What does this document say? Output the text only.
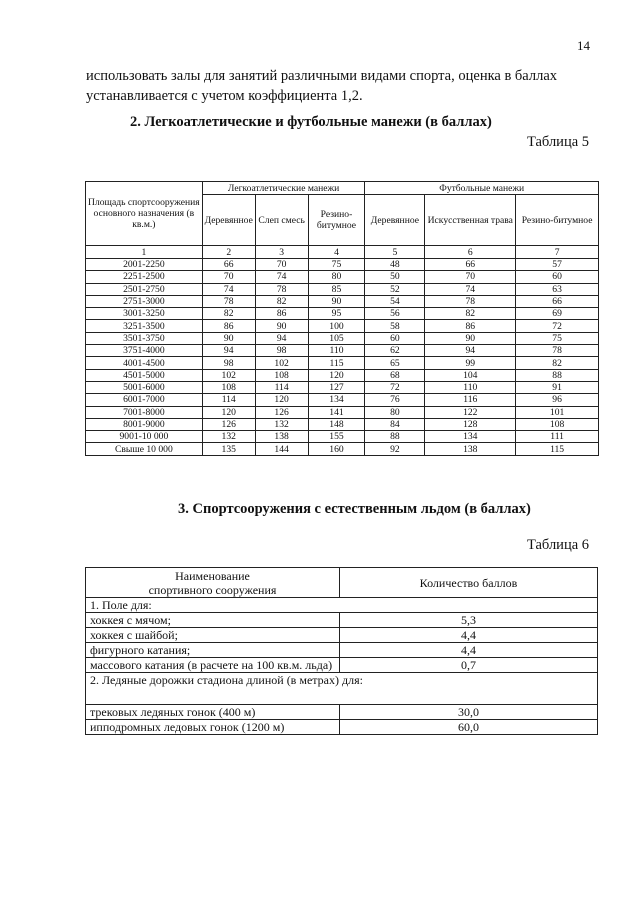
14
использовать залы для занятий различными видами спорта, оценка в баллах
устанавливается с учетом коэффициента 1,2.
2. Легкоатлетические и футбольные манежи (в баллах)
Таблица 5
Площадь спортсооружения основного назначения (в кв.м.)	Легкоатлетические манежи			Футбольные манежи		
	Деревянное	Слеп смесь	Резино-битумное	Деревянное	Искусственная трава	Резино-битумное
1	2	3	4	5	6	7
2001-2250	66	70	75	48	66	57
2251-2500	70	74	80	50	70	60
2501-2750	74	78	85	52	74	63
2751-3000	78	82	90	54	78	66
3001-3250	82	86	95	56	82	69
3251-3500	86	90	100	58	86	72
3501-3750	90	94	105	60	90	75
3751-4000	94	98	110	62	94	78
4001-4500	98	102	115	65	99	82
4501-5000	102	108	120	68	104	88
5001-6000	108	114	127	72	110	91
6001-7000	114	120	134	76	116	96
7001-8000	120	126	141	80	122	101
8001-9000	126	132	148	84	128	108
9001-10 000	132	138	155	88	134	111
Свыше 10 000	135	144	160	92	138	115
3. Спортсооружения с естественным льдом (в баллах)
Таблица 6
Наименование
спортивного сооружения	Количество баллов
1. Поле для:	
хоккея с мячом;	5,3
хоккея с шайбой;	4,4
фигурного катания;	4,4
массового катания (в расчете на 100 кв.м. льда)	0,7
2. Ледяные дорожки стадиона длиной (в метрах) для:	
трековых ледяных гонок (400 м)	30,0
ипподромных ледовых гонок (1200 м)	60,0
